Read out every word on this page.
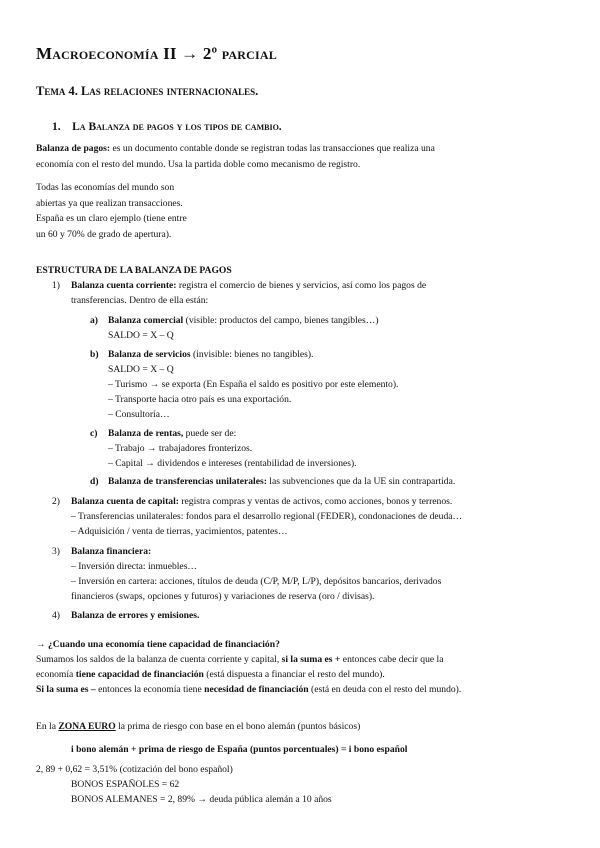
Macroeconomía II → 2º parcial
Tema 4. Las relaciones internacionales.
1. La Balanza de pagos y los tipos de cambio.
Balanza de pagos: es un documento contable donde se registran todas las transacciones que realiza una
economía con el resto del mundo. Usa la partida doble como mecanismo de registro.
Todas las economías del mundo son
abiertas ya que realizan transacciones.
España es un claro ejemplo (tiene entre
un 60 y 70% de grado de apertura).
ESTRUCTURA DE LA BALANZA DE PAGOS
1) Balanza cuenta corriente: registra el comercio de bienes y servicios, así como los pagos de
transferencias. Dentro de ella están:
a) Balanza comercial (visible: productos del campo, bienes tangibles…)
SALDO = X – Q
b) Balanza de servicios (invisible: bienes no tangibles).
SALDO = X – Q
– Turismo → se exporta (En España el saldo es positivo por este elemento).
– Transporte hacia otro país es una exportación.
– Consultoría…
c) Balanza de rentas, puede ser de:
– Trabajo → trabajadores fronterizos.
– Capital → dividendos e intereses (rentabilidad de inversiones).
d) Balanza de transferencias unilaterales: las subvenciones que da la UE sin contrapartida.
2) Balanza cuenta de capital: registra compras y ventas de activos, como acciones, bonos y terrenos.
– Transferencias unilaterales: fondos para el desarrollo regional (FEDER), condonaciones de deuda…
– Adquisición / venta de tierras, yacimientos, patentes…
3) Balanza financiera:
– Inversión directa: inmuebles…
– Inversión en cartera: acciones, títulos de deuda (C/P, M/P, L/P), depósitos bancarios, derivados
financieros (swaps, opciones y futuros) y variaciones de reserva (oro / divisas).
4) Balanza de errores y emisiones.
→ ¿Cuando una economía tiene capacidad de financiación?
Sumamos los saldos de la balanza de cuenta corriente y capital, si la suma es + entonces cabe decir que la
economía tiene capacidad de financiación (está dispuesta a financiar el resto del mundo).
Si la suma es – entonces la economía tiene necesidad de financiación (está en deuda con el resto del mundo).
En la ZONA EURO la prima de riesgo con base en el bono alemán (puntos básicos)
i bono alemán + prima de riesgo de España (puntos porcentuales) = i bono español
2, 89 + 0,62 = 3,51% (cotización del bono español)
BONOS ESPAÑOLES = 62
BONOS ALEMANES = 2, 89% → deuda pública alemán a 10 años
